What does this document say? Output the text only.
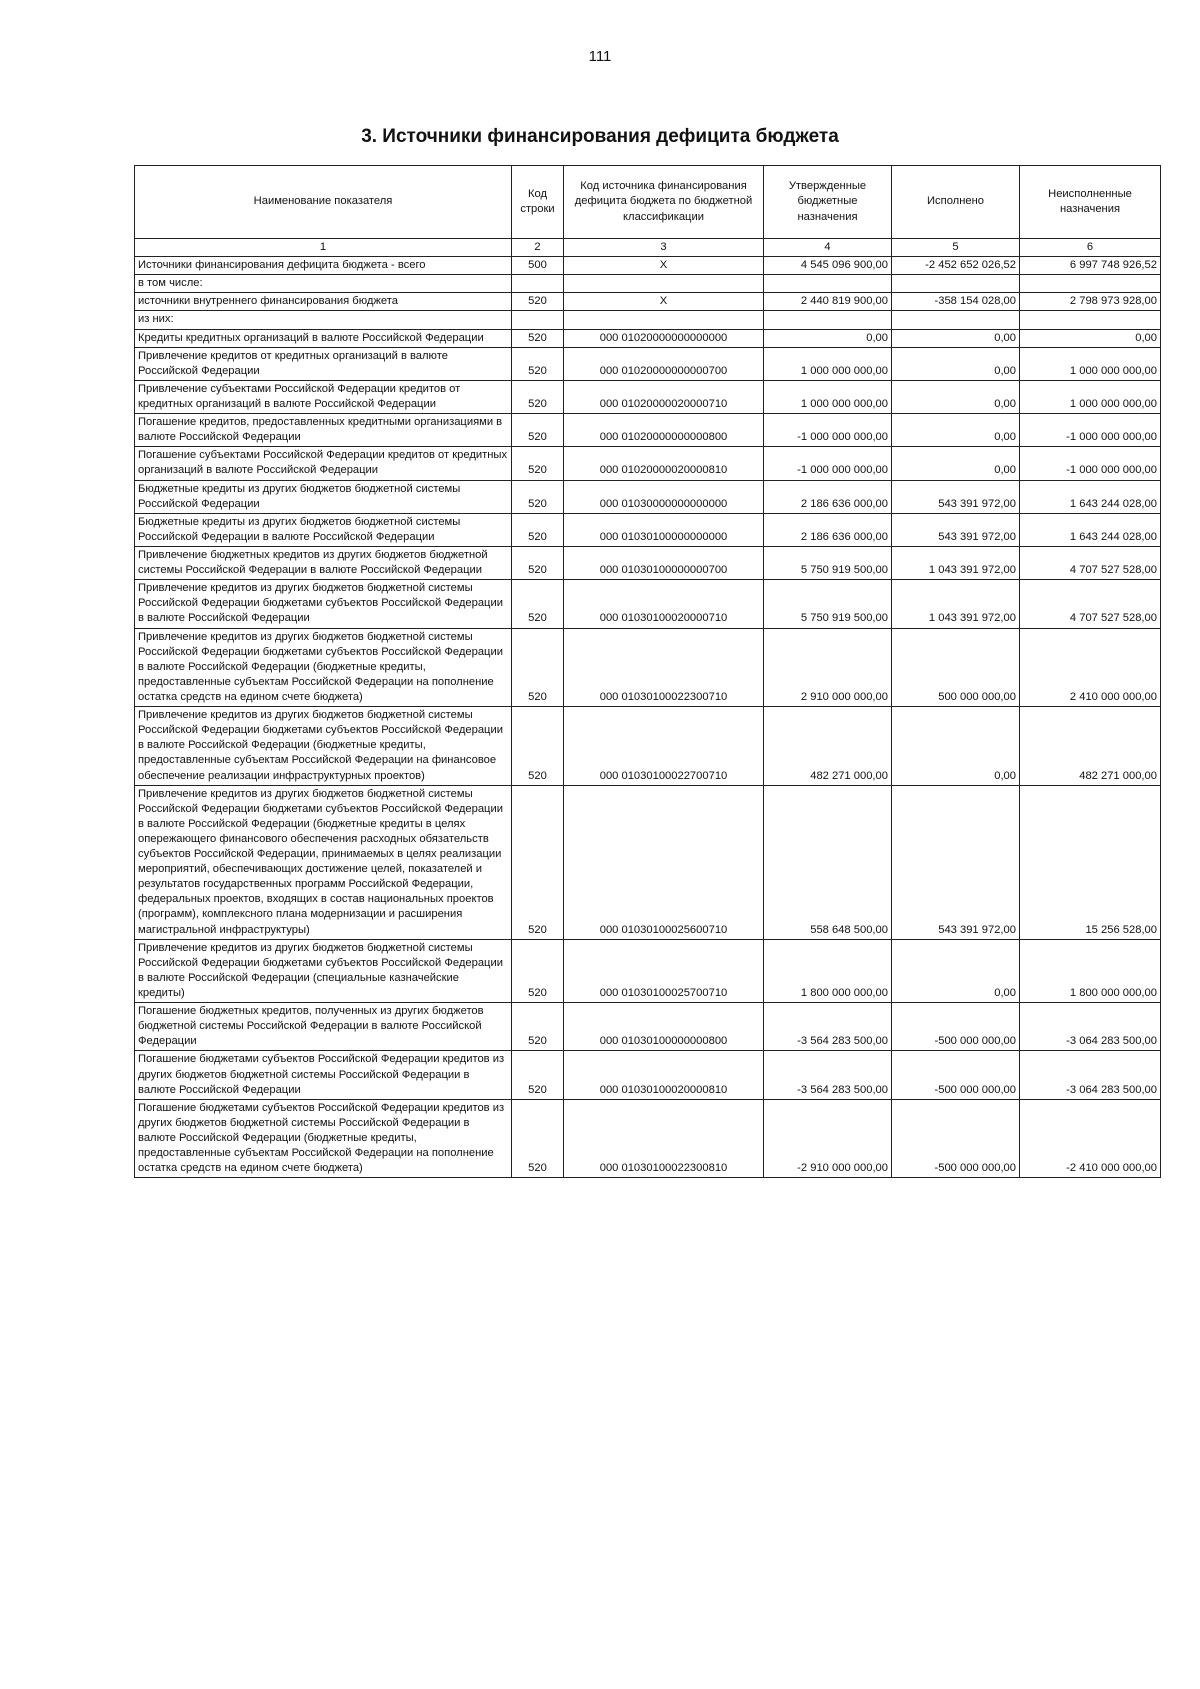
111
3. Источники финансирования дефицита бюджета
Наименование показателя	Код строки	Код источника финансирования дефицита бюджета по бюджетной классификации	Утвержденные бюджетные назначения	Исполнено	Неисполненные назначения
1	2	3	4	5	6
Источники финансирования дефицита бюджета - всего	500	X	4 545 096 900,00	-2 452 652 026,52	6 997 748 926,52
в том числе:					
источники внутреннего финансирования бюджета	520	X	2 440 819 900,00	-358 154 028,00	2 798 973 928,00
из них:					
Кредиты кредитных организаций в валюте Российской Федерации	520	000 01020000000000000	0,00	0,00	0,00
Привлечение кредитов от кредитных организаций в валюте Российской Федерации	520	000 01020000000000700	1 000 000 000,00	0,00	1 000 000 000,00
Привлечение субъектами Российской Федерации кредитов от кредитных организаций в валюте Российской Федерации	520	000 01020000020000710	1 000 000 000,00	0,00	1 000 000 000,00
Погашение кредитов, предоставленных кредитными организациями в валюте Российской Федерации	520	000 01020000000000800	-1 000 000 000,00	0,00	-1 000 000 000,00
Погашение субъектами Российской Федерации кредитов от кредитных организаций в валюте Российской Федерации	520	000 01020000020000810	-1 000 000 000,00	0,00	-1 000 000 000,00
Бюджетные кредиты из других бюджетов бюджетной системы Российской Федерации	520	000 01030000000000000	2 186 636 000,00	543 391 972,00	1 643 244 028,00
Бюджетные кредиты из других бюджетов бюджетной системы Российской Федерации в валюте Российской Федерации	520	000 01030100000000000	2 186 636 000,00	543 391 972,00	1 643 244 028,00
Привлечение бюджетных кредитов из других бюджетов бюджетной системы Российской Федерации в валюте Российской Федерации	520	000 01030100000000700	5 750 919 500,00	1 043 391 972,00	4 707 527 528,00
Привлечение кредитов из других бюджетов бюджетной системы Российской Федерации бюджетами субъектов Российской Федерации в валюте Российской Федерации	520	000 01030100020000710	5 750 919 500,00	1 043 391 972,00	4 707 527 528,00
Привлечение кредитов из других бюджетов бюджетной системы Российской Федерации бюджетами субъектов Российской Федерации в валюте Российской Федерации (бюджетные кредиты, предоставленные субъектам Российской Федерации на пополнение остатка средств на едином счете бюджета)	520	000 01030100022300710	2 910 000 000,00	500 000 000,00	2 410 000 000,00
Привлечение кредитов из других бюджетов бюджетной системы Российской Федерации бюджетами субъектов Российской Федерации в валюте Российской Федерации (бюджетные кредиты, предоставленные субъектам Российской Федерации на финансовое обеспечение реализации инфраструктурных проектов)	520	000 01030100022700710	482 271 000,00	0,00	482 271 000,00
Привлечение кредитов из других бюджетов бюджетной системы Российской Федерации бюджетами субъектов Российской Федерации в валюте Российской Федерации (бюджетные кредиты в целях опережающего финансового обеспечения расходных обязательств субъектов Российской Федерации, принимаемых в целях реализации мероприятий, обеспечивающих достижение целей, показателей и результатов государственных программ Российской Федерации, федеральных проектов, входящих в состав национальных проектов (программ), комплексного плана модернизации и расширения магистральной инфраструктуры)	520	000 01030100025600710	558 648 500,00	543 391 972,00	15 256 528,00
Привлечение кредитов из других бюджетов бюджетной системы Российской Федерации бюджетами субъектов Российской Федерации в валюте Российской Федерации (специальные казначейские кредиты)	520	000 01030100025700710	1 800 000 000,00	0,00	1 800 000 000,00
Погашение бюджетных кредитов, полученных из других бюджетов бюджетной системы Российской Федерации в валюте Российской Федерации	520	000 01030100000000800	-3 564 283 500,00	-500 000 000,00	-3 064 283 500,00
Погашение бюджетами субъектов Российской Федерации кредитов из других бюджетов бюджетной системы Российской Федерации в валюте Российской Федерации	520	000 01030100020000810	-3 564 283 500,00	-500 000 000,00	-3 064 283 500,00
Погашение бюджетами субъектов Российской Федерации кредитов из других бюджетов бюджетной системы Российской Федерации в валюте Российской Федерации (бюджетные кредиты, предоставленные субъектам Российской Федерации на пополнение остатка средств на едином счете бюджета)	520	000 01030100022300810	-2 910 000 000,00	-500 000 000,00	-2 410 000 000,00
